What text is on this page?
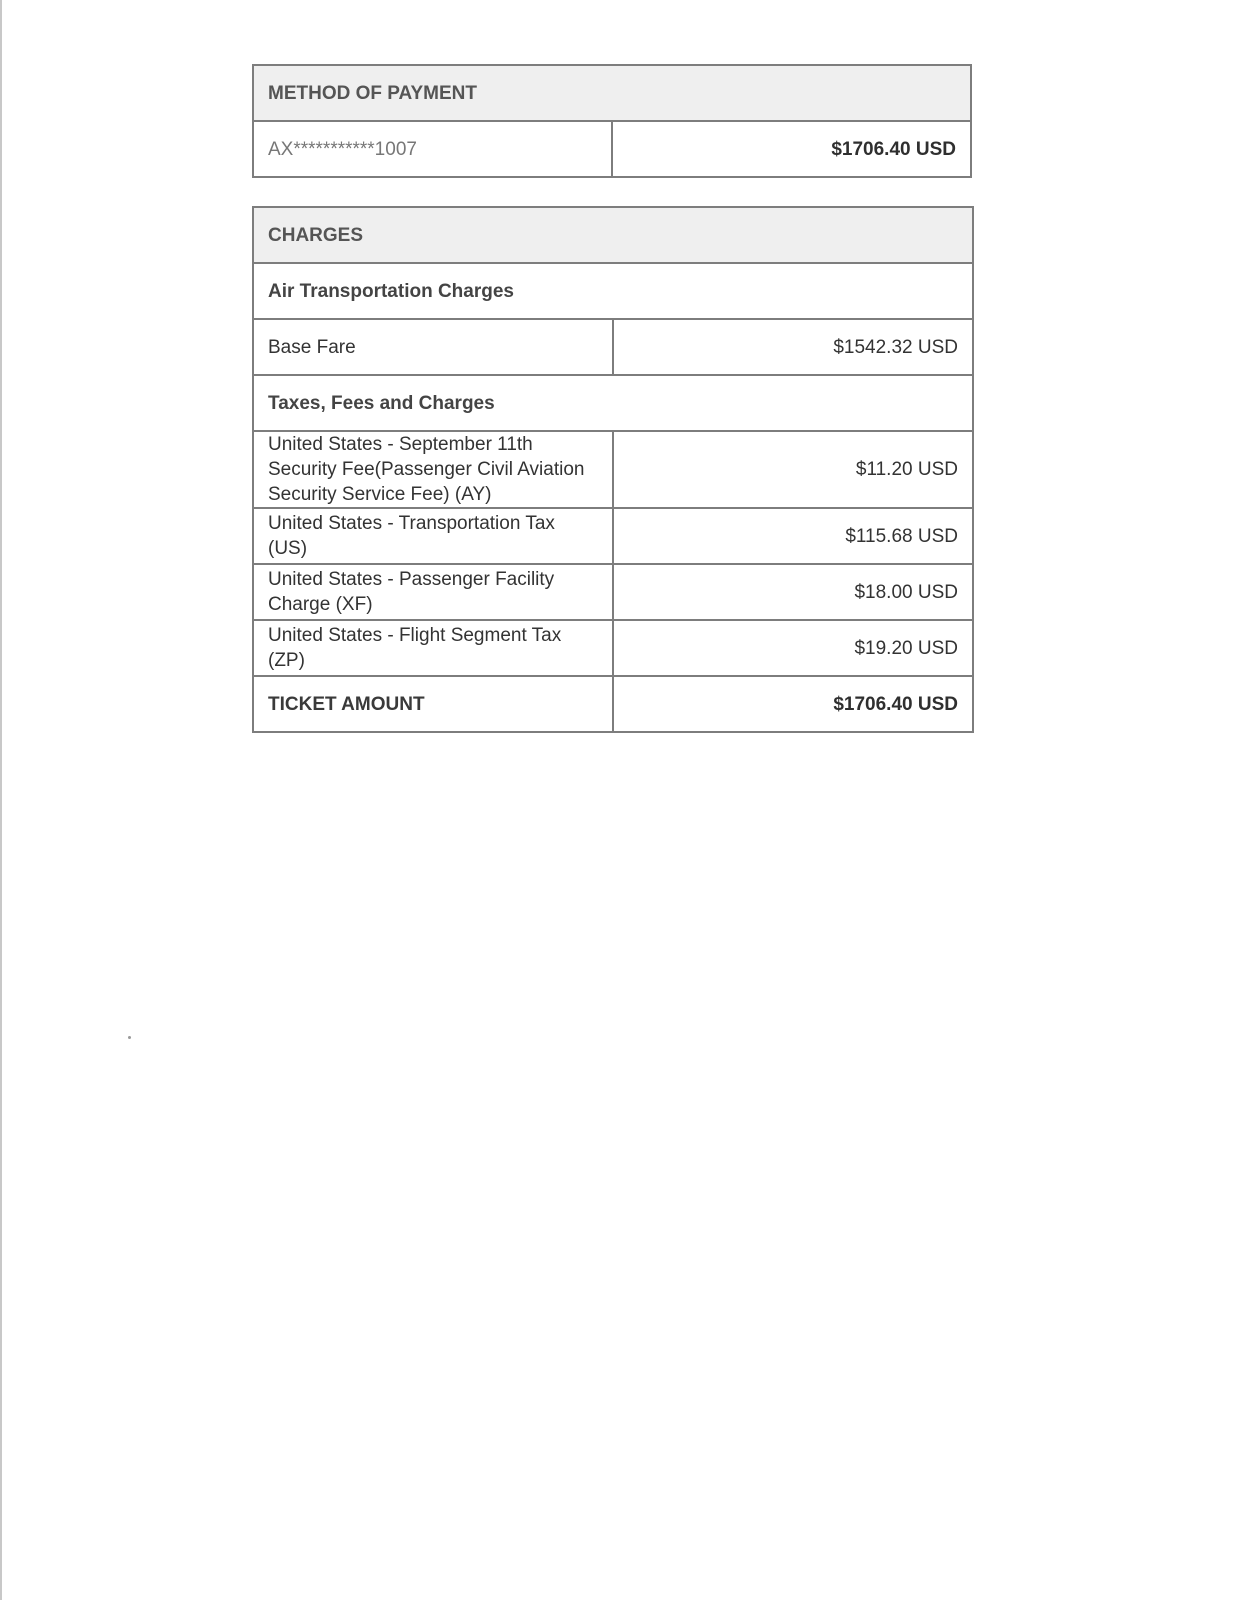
METHOD OF PAYMENT
AX***********1007	$1706.40 USD
CHARGES	
Air Transportation Charges	
Base Fare	$1542.32 USD
Taxes, Fees and Charges	
United States - September 11th Security Fee(Passenger Civil Aviation Security Service Fee) (AY)	$11.20 USD
United States - Transportation Tax (US)	$115.68 USD
United States - Passenger Facility Charge (XF)	$18.00 USD
United States - Flight Segment Tax (ZP)	$19.20 USD
TICKET AMOUNT	$1706.40 USD
